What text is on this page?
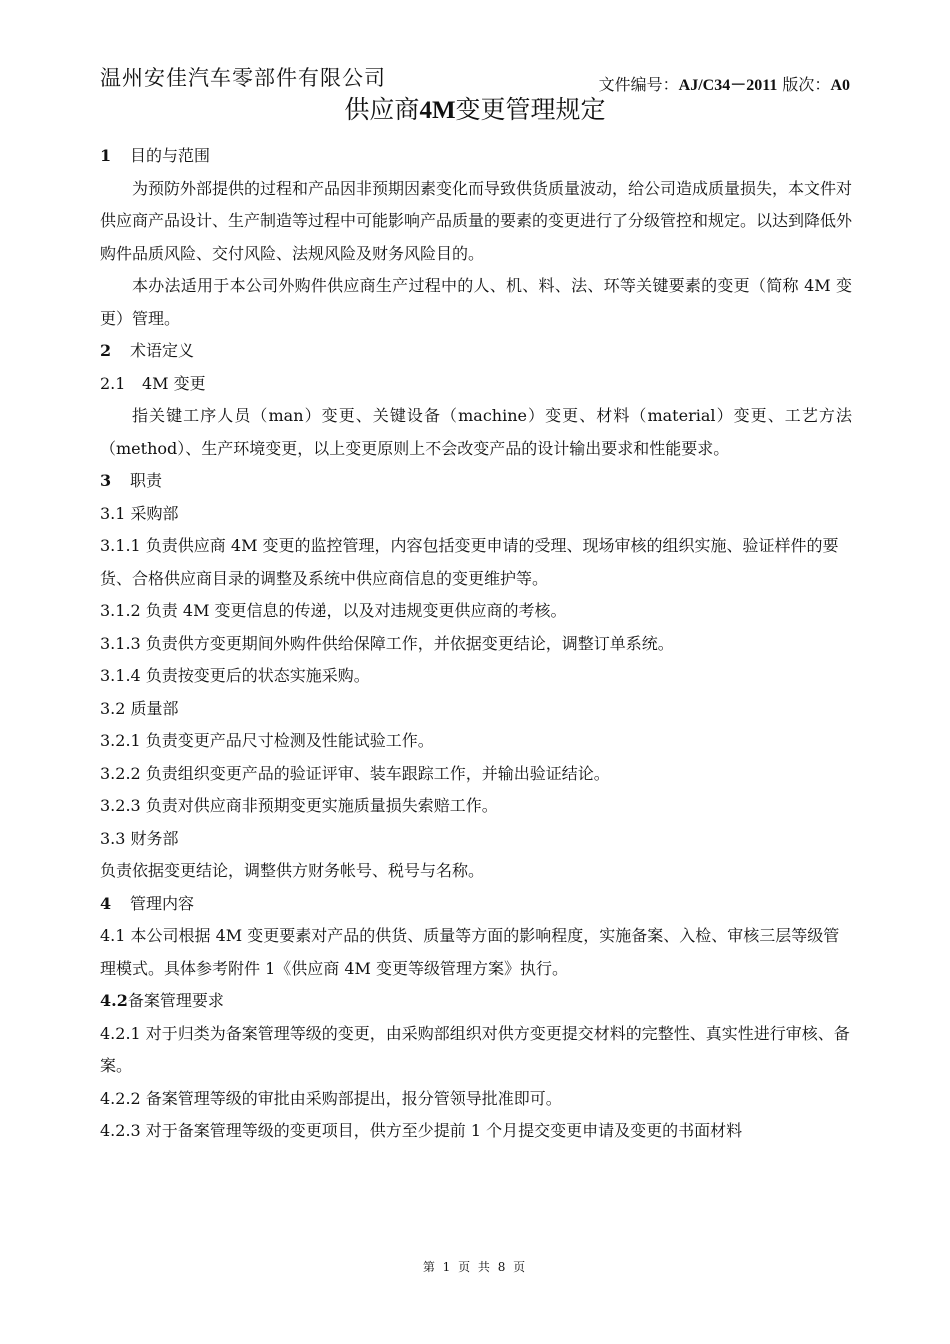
温州安佳汽车零部件有限公司	文件编号：AJ/C34－2011 版次：A0
供应商4M变更管理规定

1 目的与范围

为预防外部提供的过程和产品因非预期因素变化而导致供货质量波动，给公司造成质量损失，本文件对供应商产品设计、生产制造等过程中可能影响产品质量的要素的变更进行了分级管控和规定。以达到降低外购件品质风险、交付风险、法规风险及财务风险目的。

本办法适用于本公司外购件供应商生产过程中的人、机、料、法、环等关键要素的变更（简称 4M 变更）管理。

2 术语定义

2.1 4M 变更

指关键工序人员（man）变更、关键设备（machine）变更、材料（material）变更、工艺方法（method）、生产环境变更，以上变更原则上不会改变产品的设计输出要求和性能要求。

3 职责

3.1 采购部

3.1.1 负责供应商 4M 变更的监控管理，内容包括变更申请的受理、现场审核的组织实施、验证样件的要货、合格供应商目录的调整及系统中供应商信息的变更维护等。

3.1.2 负责 4M 变更信息的传递，以及对违规变更供应商的考核。

3.1.3 负责供方变更期间外购件供给保障工作，并依据变更结论，调整订单系统。

3.1.4 负责按变更后的状态实施采购。

3.2 质量部

3.2.1 负责变更产品尺寸检测及性能试验工作。

3.2.2 负责组织变更产品的验证评审、装车跟踪工作，并输出验证结论。

3.2.3 负责对供应商非预期变更实施质量损失索赔工作。

3.3 财务部

负责依据变更结论，调整供方财务帐号、税号与名称。

4 管理内容

4.1 本公司根据 4M 变更要素对产品的供货、质量等方面的影响程度，实施备案、入检、审核三层等级管理模式。具体参考附件 1《供应商 4M 变更等级管理方案》执行。

4.2备案管理要求

4.2.1 对于归类为备案管理等级的变更，由采购部组织对供方变更提交材料的完整性、真实性进行审核、备案。

4.2.2 备案管理等级的审批由采购部提出，报分管领导批准即可。

4.2.3 对于备案管理等级的变更项目，供方至少提前 1 个月提交变更申请及变更的书面材料

第 1 页 共 8 页
